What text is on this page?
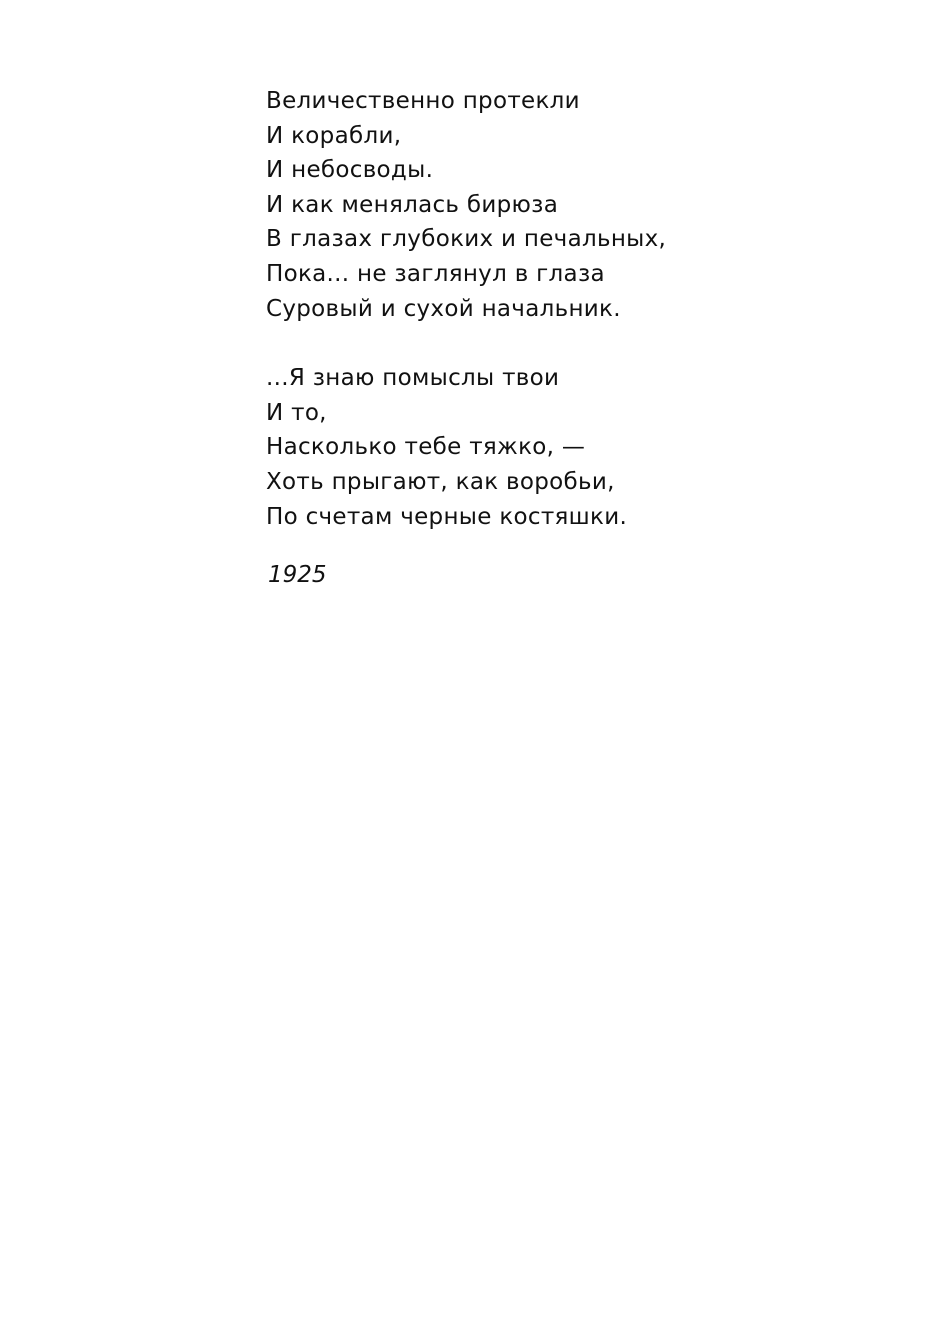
Величественно протекли
И корабли,
И небосводы.
И как менялась бирюза
В глазах глубоких и печальных,
Пока... не заглянул в глаза
Суровый и сухой начальник.
...Я знаю помыслы твои
И то,
Насколько тебе тяжко, —
Хоть прыгают, как воробьи,
По счетам черные костяшки.
1925
